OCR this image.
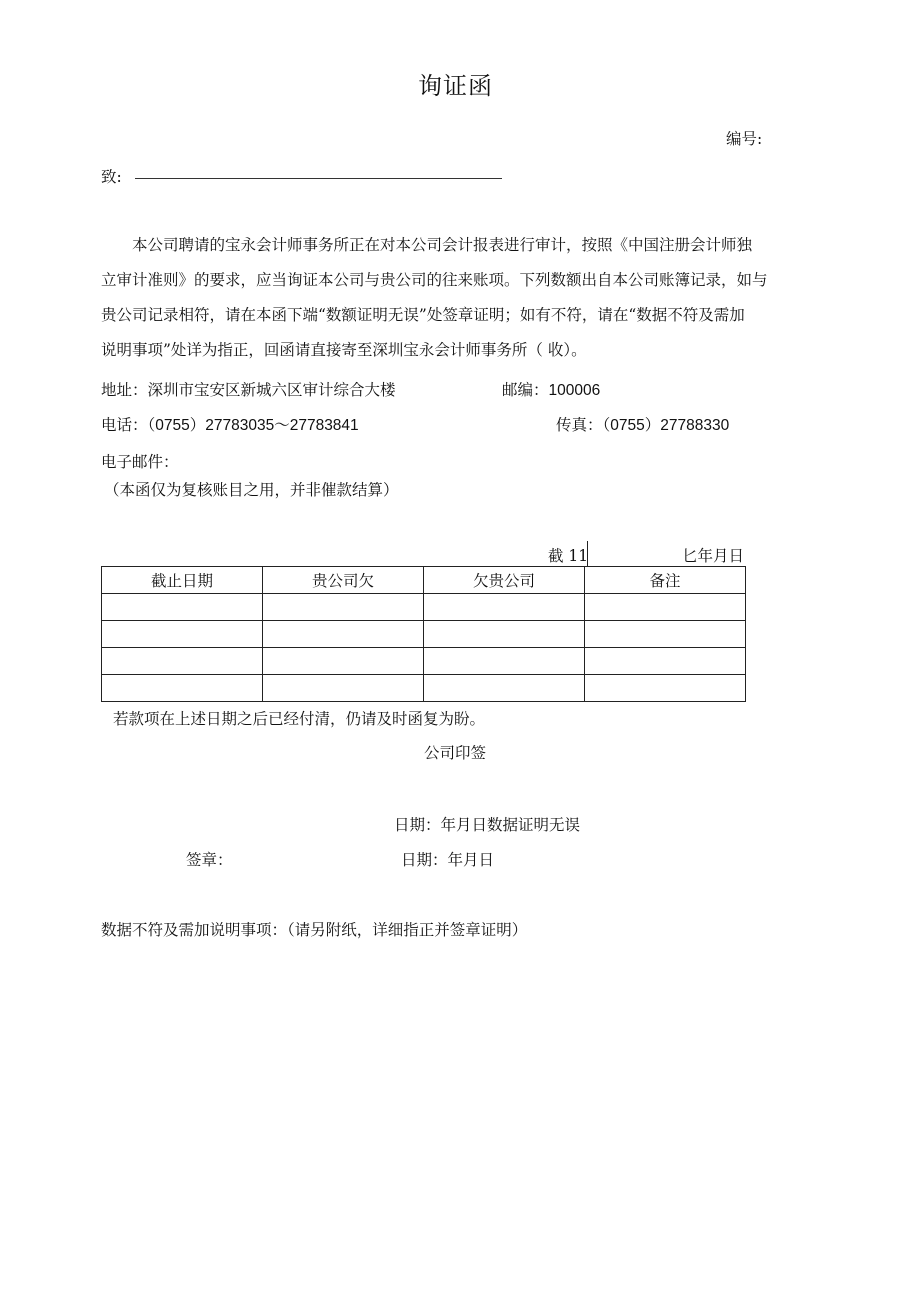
询证函
编号:
致:
　　本公司聘请的宝永会计师事务所正在对本公司会计报表进行审计，按照《中国注册会计师独
立审计准则》的要求，应当询证本公司与贵公司的往来账项。下列数额出自本公司账簿记录，如与
贵公司记录相符，请在本函下端“数额证明无误”处签章证明；如有不符，请在“数据不符及需加
说明事项”处详为指正，回函请直接寄至深圳宝永会计师事务所（ 收）。
地址：深圳市宝安区新城六区审计综合大楼	邮编：100006
电话：（0755）27783035～27783841	传真：（0755）27788330
电子邮件：
（本函仅为复核账目之用，并非催款结算）
截 11	匕年月日
截止日期	贵公司欠	欠贵公司	备注

若款项在上述日期之后已经付清，仍请及时函复为盼。
公司印签
日期：年月日数据证明无误
签章：	日期：年月日
数据不符及需加说明事项：（请另附纸，详细指正并签章证明）
